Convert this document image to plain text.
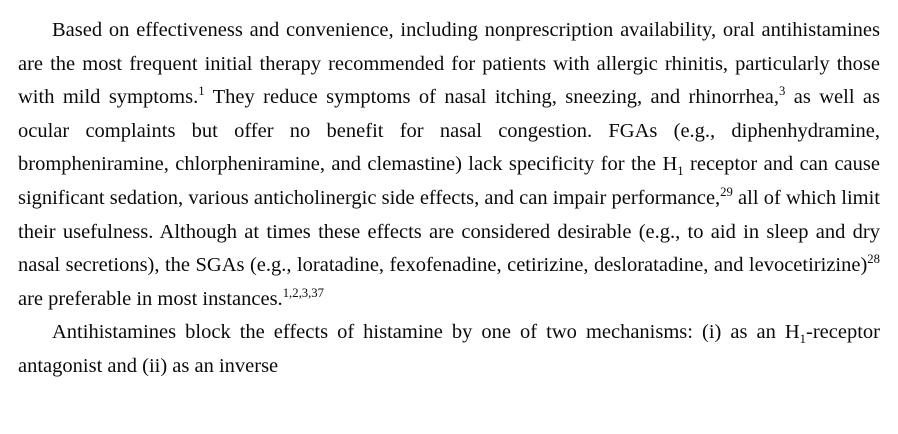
Based on effectiveness and convenience, including nonprescription availability, oral antihistamines are the most frequent initial therapy recommended for patients with allergic rhinitis, particularly those with mild symptoms.$^1$ They reduce symptoms of nasal itching, sneezing, and rhinorrhea,$^3$ as well as ocular complaints but offer no benefit for nasal congestion. FGAs (e.g., diphenhydramine, brompheniramine, chlorpheniramine, and clemastine) lack specificity for the $H_1$ receptor and can cause significant sedation, various anticholinergic side effects, and can impair performance,$^{29}$ all of which limit their usefulness. Although at times these effects are considered desirable (e.g., to aid in sleep and dry nasal secretions), the SGAs (e.g., loratadine, fexofenadine, cetirizine, desloratadine, and levocetirizine)$^{28}$ are preferable in most instances.$^{1,2,3,37}$

Antihistamines block the effects of histamine by one of two mechanisms: (i) as an $H_1$-receptor antagonist and (ii) as an inverse
